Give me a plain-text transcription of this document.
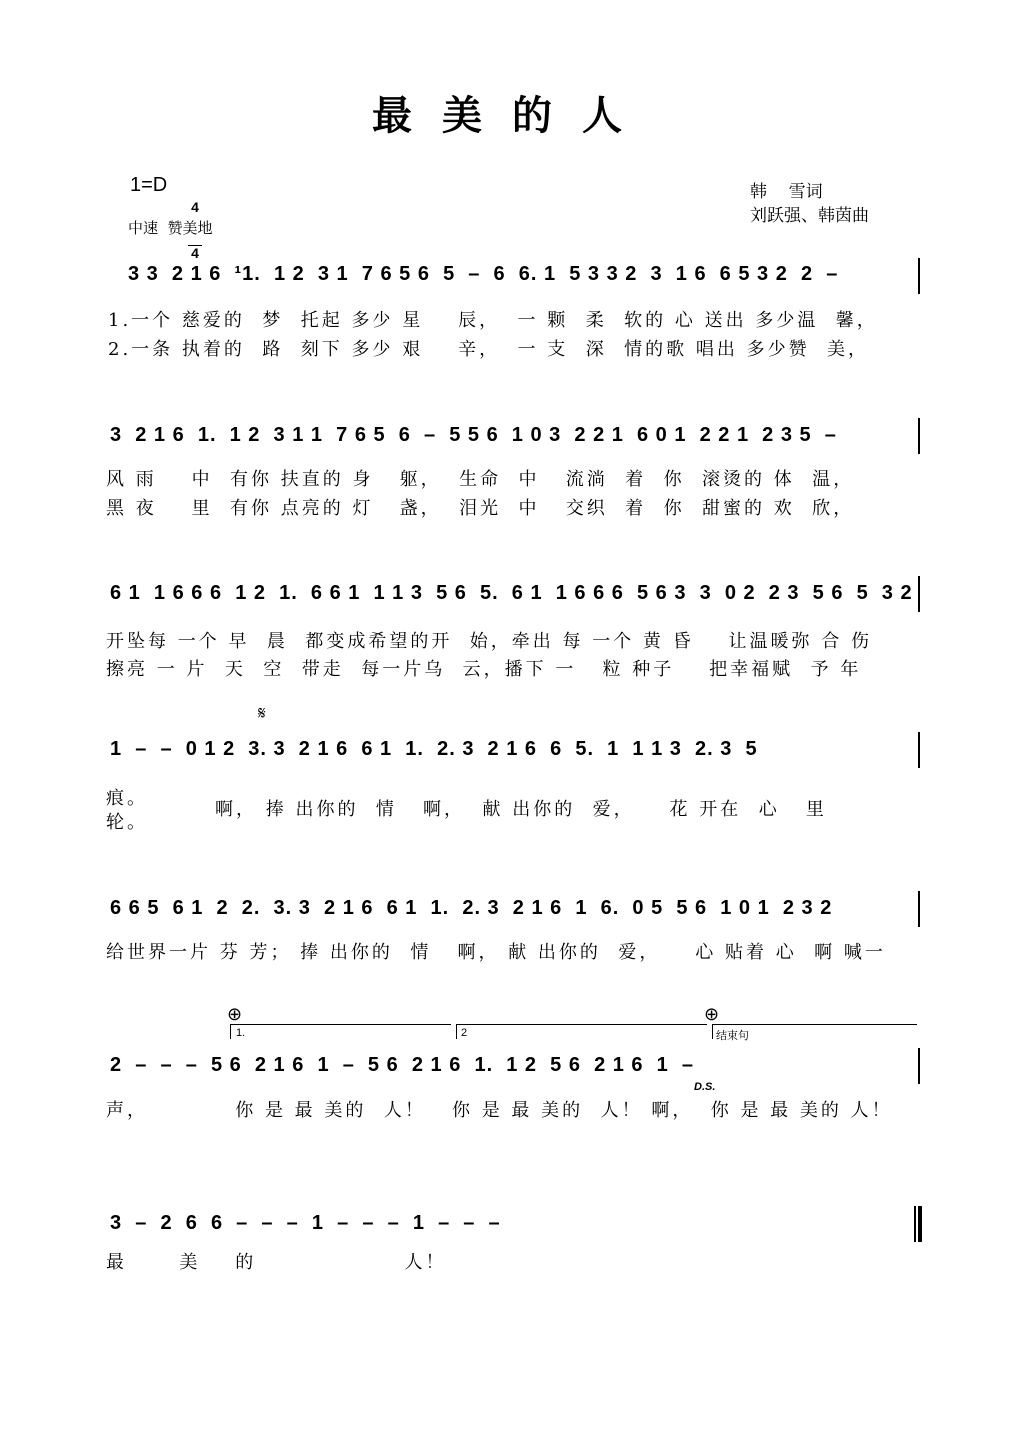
最美的人
1=D

4

4

中速  赞美地
韩    雪词
刘跃强、韩茵曲
3 3  2 1 6  ¹1.  1 2  3 1  7 6 5 6  5  –  6  6. 1  5 3 3 2  3  1 6  6 5 3 2  2  –
1.一个 慈爱的  梦  托起 多少 星    辰，  一 颗  柔  软的 心 送出 多少温  馨，
2.一条 执着的  路  刻下 多少 艰    辛，  一 支  深  情的歌 唱出 多少赞  美，
3  2 1 6  1.  1 2  3 1 1  7 6 5  6  –  5 5 6  1 0 3  2 2 1  6 0 1  2 2 1  2 3 5  –
风 雨    中  有你 扶直的 身   躯，  生命  中   流淌  着  你  滚烫的 体  温，
黑 夜    里  有你 点亮的 灯   盏，  泪光  中   交织  着  你  甜蜜的 欢  欣，
6 1  1 6 6 6  1 2  1.  6 6 1  1 1 3  5 6  5.  6 1  1 6 6 6  5 6 3  3  0 2  2 3  5 6  5  3 2
开坠每 一个 早  晨  都变成希望的开  始，牵出 每 一个 黄 昏    让温暖弥 合 伤
擦亮 一 片  天  空  带走  每一片乌  云，播下 一   粒 种子    把幸福赋  予 年
𝄋
1  –  –  0 1 2  3. 3  2 1 6  6 1  1.  2. 3  2 1 6  6  5.  1  1 1 3  2. 3  5
痕。
轮。
啊， 捧 出你的  情   啊，  献 出你的  爱，    花 开在  心   里
6 6 5  6 1  2  2.  3. 3  2 1 6  6 1  1.  2. 3  2 1 6  1  6.  0 5  5 6  1 0 1  2 3 2
给世界一片 芬 芳； 捧 出你的  情   啊， 献 出你的  爱，    心 贴着 心  啊 喊一
⊕	⊕
1.	2	结束句
2  –  –  –  5 6  2 1 6  1  –  5 6  2 1 6  1.  1 2  5 6  2 1 6  1  –
D.S.
声，          你 是 最 美的  人！   你 是 最 美的  人！ 啊，  你 是 最 美的 人！
3  –  2  6  6  –  –  –  1  –  –  –  1  –  –  –
最      美    的                 人！
